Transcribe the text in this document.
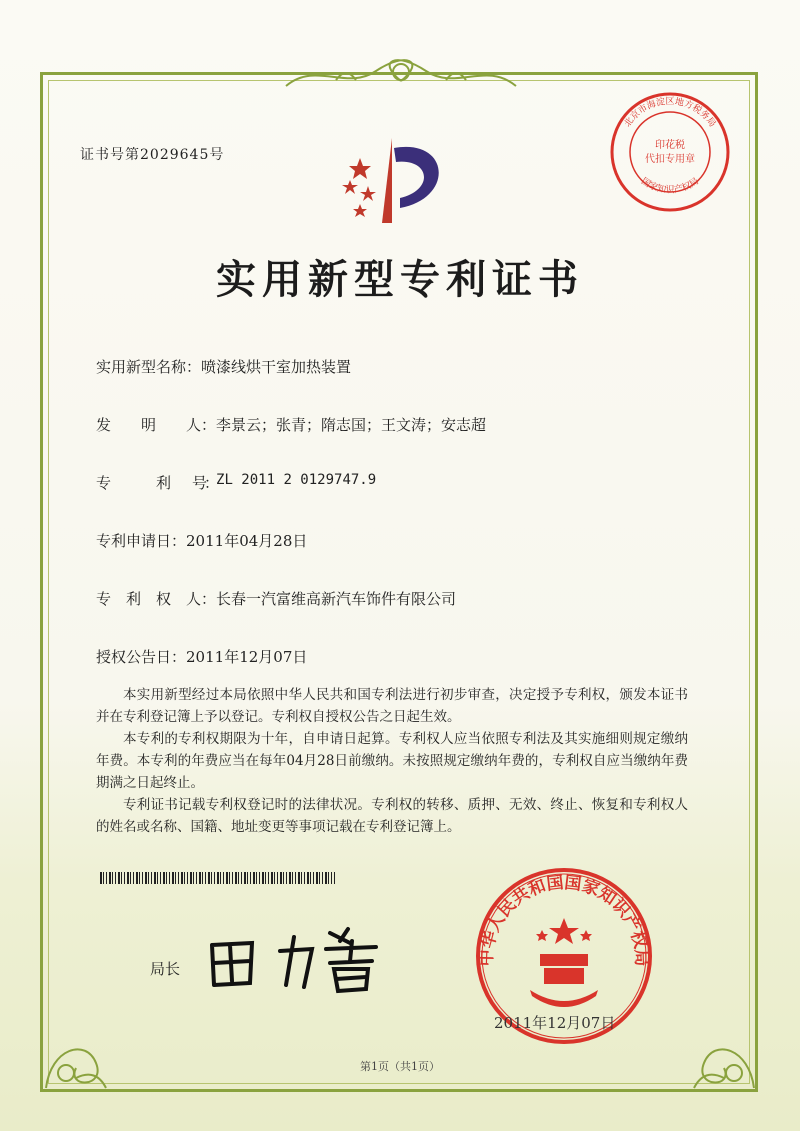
证书号第2029645号
北京市海淀区地方税务局
国家知识产权局
印花税
代扣专用章
实用新型专利证书
实用新型名称： 喷漆线烘干室加热装置
发　　明　　人： 李景云；张青；隋志国；王文涛；安志超
专　　　　利　　号： ZL 2011 2 0129747.9
专利申请日： 2011年04月28日
专　利　权　人： 长春一汽富维高新汽车饰件有限公司
授权公告日： 2011年12月07日

本实用新型经过本局依照中华人民共和国专利法进行初步审查，决定授予专利权，颁发本证书并在专利登记簿上予以登记。专利权自授权公告之日起生效。

本专利的专利权期限为十年，自申请日起算。专利权人应当依照专利法及其实施细则规定缴纳年费。本专利的年费应当在每年04月28日前缴纳。未按照规定缴纳年费的，专利权自应当缴纳年费期满之日起终止。

专利证书记载专利权登记时的法律状况。专利权的转移、质押、无效、终止、恢复和专利权人的姓名或名称、国籍、地址变更等事项记载在专利登记簿上。

局长
中华人民共和国国家知识产权局
2011年12月07日
第1页（共1页）
